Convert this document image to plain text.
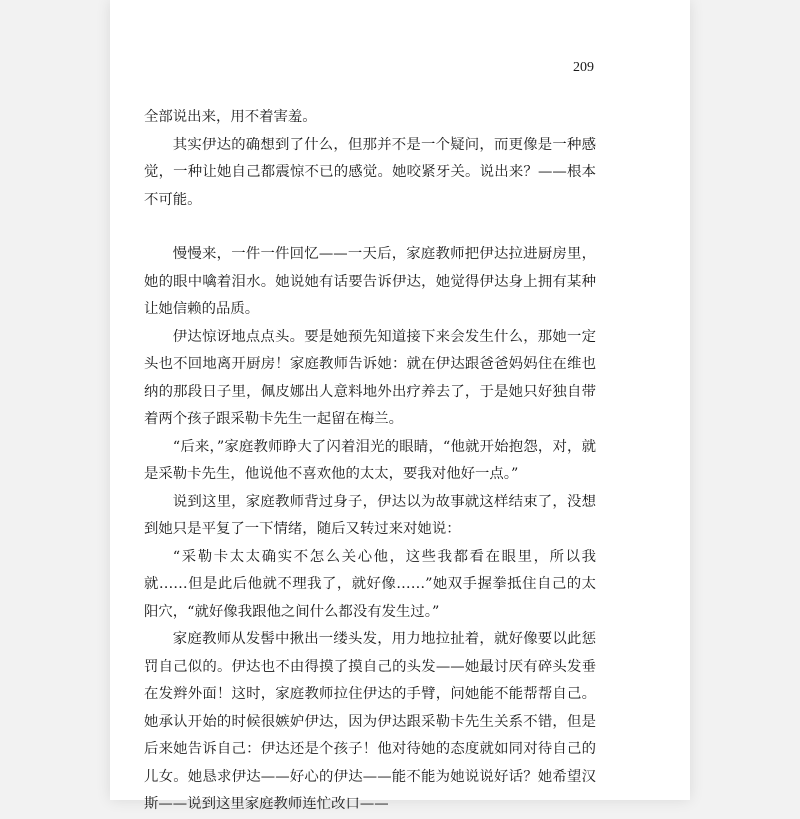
209

全部说出来，用不着害羞。

其实伊达的确想到了什么，但那并不是一个疑问，而更像是一种感觉，一种让她自己都震惊不已的感觉。她咬紧牙关。说出来？——根本不可能。

慢慢来，一件一件回忆——一天后，家庭教师把伊达拉进厨房里，她的眼中噙着泪水。她说她有话要告诉伊达，她觉得伊达身上拥有某种让她信赖的品质。

伊达惊讶地点点头。要是她预先知道接下来会发生什么，那她一定头也不回地离开厨房！家庭教师告诉她：就在伊达跟爸爸妈妈住在维也纳的那段日子里，佩皮娜出人意料地外出疗养去了，于是她只好独自带着两个孩子跟采勒卡先生一起留在梅兰。

“后来，”家庭教师睁大了闪着泪光的眼睛，“他就开始抱怨，对，就是采勒卡先生，他说他不喜欢他的太太，要我对他好一点。”

说到这里，家庭教师背过身子，伊达以为故事就这样结束了，没想到她只是平复了一下情绪，随后又转过来对她说：

“采勒卡太太确实不怎么关心他，这些我都看在眼里，所以我就……但是此后他就不理我了，就好像……”她双手握拳抵住自己的太阳穴，“就好像我跟他之间什么都没有发生过。”

家庭教师从发髻中揪出一缕头发，用力地拉扯着，就好像要以此惩罚自己似的。伊达也不由得摸了摸自己的头发——她最讨厌有碎头发垂在发辫外面！这时，家庭教师拉住伊达的手臂，问她能不能帮帮自己。她承认开始的时候很嫉妒伊达，因为伊达跟采勒卡先生关系不错，但是后来她告诉自己：伊达还是个孩子！他对待她的态度就如同对待自己的儿女。她恳求伊达——好心的伊达——能不能为她说说好话？她希望汉斯——说到这里家庭教师连忙改口——
